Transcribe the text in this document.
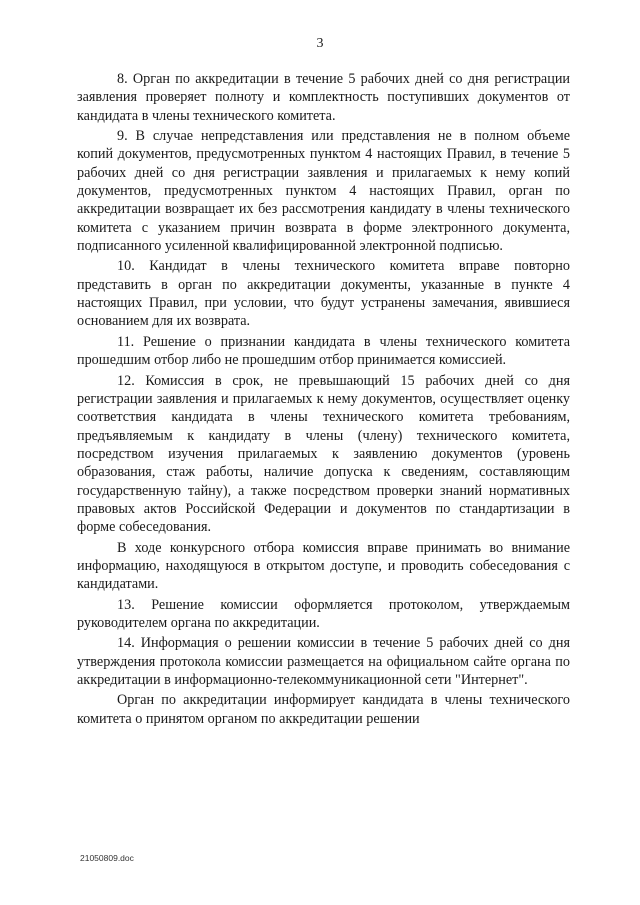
3

8. Орган по аккредитации в течение 5 рабочих дней со дня регистрации заявления проверяет полноту и комплектность поступивших документов от кандидата в члены технического комитета.

9. В случае непредставления или представления не в полном объеме копий документов, предусмотренных пунктом 4 настоящих Правил, в течение 5 рабочих дней со дня регистрации заявления и прилагаемых к нему копий документов, предусмотренных пунктом 4 настоящих Правил, орган по аккредитации возвращает их без рассмотрения кандидату в члены технического комитета с указанием причин возврата в форме электронного документа, подписанного усиленной квалифицированной электронной подписью.

10. Кандидат в члены технического комитета вправе повторно представить в орган по аккредитации документы, указанные в пункте 4 настоящих Правил, при условии, что будут устранены замечания, явившиеся основанием для их возврата.

11. Решение о признании кандидата в члены технического комитета прошедшим отбор либо не прошедшим отбор принимается комиссией.

12. Комиссия в срок, не превышающий 15 рабочих дней со дня регистрации заявления и прилагаемых к нему документов, осуществляет оценку соответствия кандидата в члены технического комитета требованиям, предъявляемым к кандидату в члены (члену) технического комитета, посредством изучения прилагаемых к заявлению документов (уровень образования, стаж работы, наличие допуска к сведениям, составляющим государственную тайну), а также посредством проверки знаний нормативных правовых актов Российской Федерации и документов по стандартизации в форме собеседования.

В ходе конкурсного отбора комиссия вправе принимать во внимание информацию, находящуюся в открытом доступе, и проводить собеседования с кандидатами.

13. Решение комиссии оформляется протоколом, утверждаемым руководителем органа по аккредитации.

14. Информация о решении комиссии в течение 5 рабочих дней со дня утверждения протокола комиссии размещается на официальном сайте органа по аккредитации в информационно-телекоммуникационной сети "Интернет".

Орган по аккредитации информирует кандидата в члены технического комитета о принятом органом по аккредитации решении

21050809.doc
